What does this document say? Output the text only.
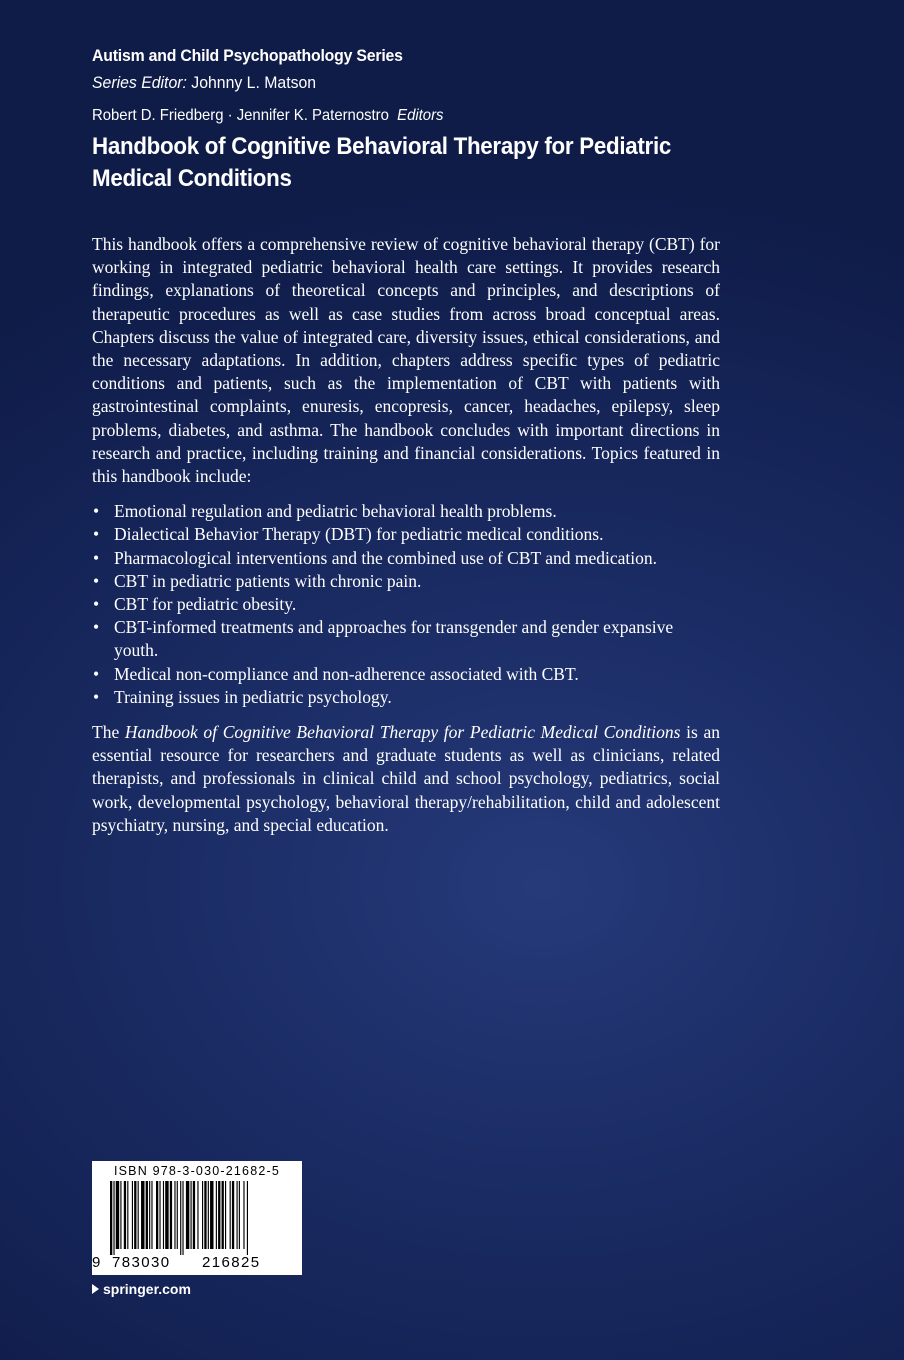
Autism and Child Psychopathology Series
Series Editor: Johnny L. Matson
Robert D. Friedberg · Jennifer K. Paternostro Editors
Handbook of Cognitive Behavioral Therapy for Pediatric Medical Conditions

This handbook offers a comprehensive review of cognitive behavioral therapy (CBT) for working in integrated pediatric behavioral health care settings. It provides research findings, explanations of theoretical concepts and principles, and descriptions of therapeutic procedures as well as case studies from across broad conceptual areas. Chapters discuss the value of integrated care, diversity issues, ethical considerations, and the necessary adaptations. In addition, chapters address specific types of pediatric conditions and patients, such as the implementation of CBT with patients with gastrointestinal complaints, enuresis, encopresis, cancer, headaches, epilepsy, sleep problems, diabetes, and asthma. The handbook concludes with important directions in research and practice, including training and financial considerations. Topics featured in this handbook include:

• Emotional regulation and pediatric behavioral health problems.
• Dialectical Behavior Therapy (DBT) for pediatric medical conditions.
• Pharmacological interventions and the combined use of CBT and medication.
• CBT in pediatric patients with chronic pain.
• CBT for pediatric obesity.
• CBT-informed treatments and approaches for transgender and gender expansive youth.
• Medical non-compliance and non-adherence associated with CBT.
• Training issues in pediatric psychology.

The Handbook of Cognitive Behavioral Therapy for Pediatric Medical Conditions is an essential resource for researchers and graduate students as well as clinicians, related therapists, and professionals in clinical child and school psychology, pediatrics, social work, developmental psychology, behavioral therapy/rehabilitation, child and adolescent psychiatry, nursing, and special education.

ISBN 978-3-030-21682-5
9 783030 216825
springer.com
